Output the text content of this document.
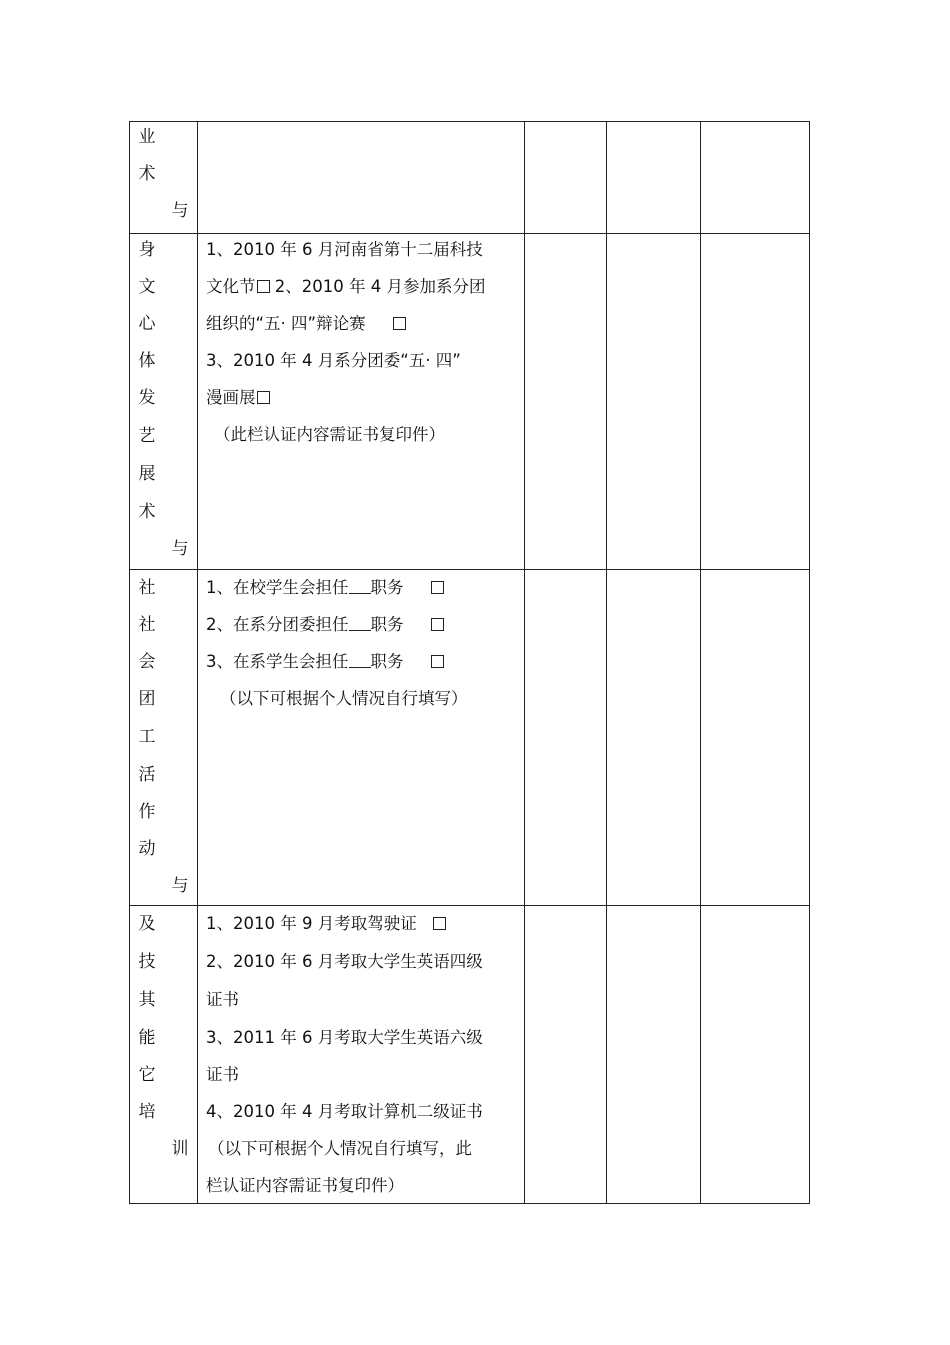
业
术
与
身
文
心
体
发
艺
展
术
与
1、2010 年 6 月河南省第十二届科技
文化节 2、2010 年 4 月参加系分团
组织的“五· 四”辩论赛
3、2010 年 4 月系分团委“五· 四”
漫画展
（此栏认证内容需证书复印件）
社
社
会
团
工
活
作
动
与
1、在校学生会担任 职务
2、在系分团委担任 职务
3、在系学生会担任 职务
（以下可根据个人情况自行填写）
及
技
其
能
它
培
训
1、2010 年 9 月考取驾驶证
2、2010 年 6 月考取大学生英语四级
证书
3、2011 年 6 月考取大学生英语六级
证书
4、2010 年 4 月考取计算机二级证书
（以下可根据个人情况自行填写，此
栏认证内容需证书复印件）
